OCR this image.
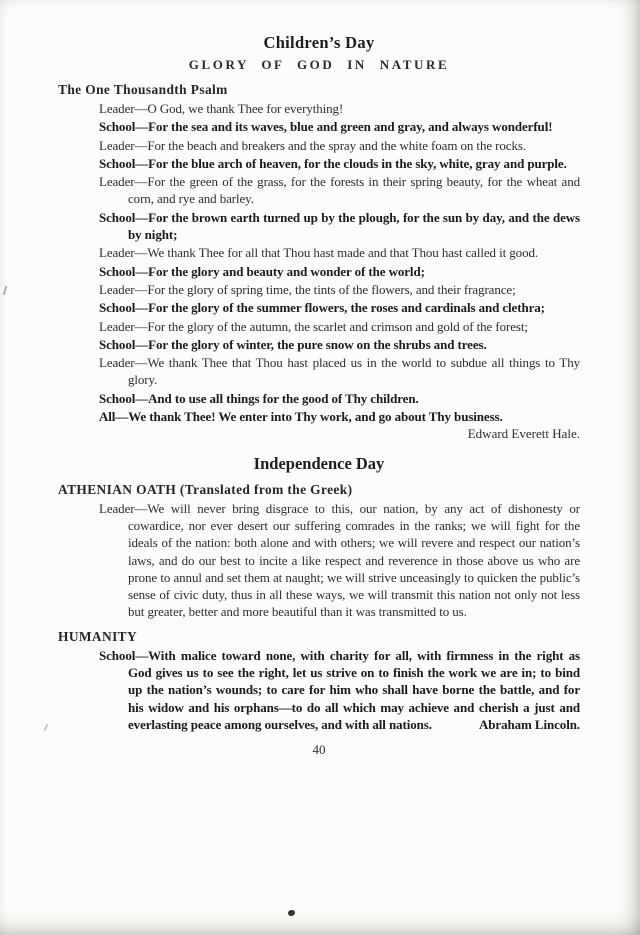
Children’s Day
GLORY OF GOD IN NATURE
The One Thousandth Psalm

Leader—O God, we thank Thee for everything!

School—For the sea and its waves, blue and green and gray, and always wonderful!

Leader—For the beach and breakers and the spray and the white foam on the rocks.

School—For the blue arch of heaven, for the clouds in the sky, white, gray and purple.

Leader—For the green of the grass, for the forests in their spring beauty, for the wheat and corn, and rye and barley.

School—For the brown earth turned up by the plough, for the sun by day, and the dews by night;

Leader—We thank Thee for all that Thou hast made and that Thou hast called it good.

School—For the glory and beauty and wonder of the world;

Leader—For the glory of spring time, the tints of the flowers, and their fragrance;

School—For the glory of the summer flowers, the roses and cardinals and clethra;

Leader—For the glory of the autumn, the scarlet and crimson and gold of the forest;

School—For the glory of winter, the pure snow on the shrubs and trees.

Leader—We thank Thee that Thou hast placed us in the world to subdue all things to Thy glory.

School—And to use all things for the good of Thy children.

All—We thank Thee! We enter into Thy work, and go about Thy business.

Edward Everett Hale.

Independence Day
ATHENIAN OATH (Translated from the Greek)

Leader—We will never bring disgrace to this, our nation, by any act of dishonesty or cowardice, nor ever desert our suffering comrades in the ranks; we will fight for the ideals of the nation: both alone and with others; we will revere and respect our nation’s laws, and do our best to incite a like respect and reverence in those above us who are prone to annul and set them at naught; we will strive unceasingly to quicken the public’s sense of civic duty, thus in all these ways, we will transmit this nation not only not less but greater, better and more beautiful than it was transmitted to us.

HUMANITY

School—With malice toward none, with charity for all, with firmness in the right as God gives us to see the right, let us strive on to finish the work we are in; to bind up the nation’s wounds; to care for him who shall have borne the battle, and for his widow and his orphans—to do all which may achieve and cherish a just and everlasting peace among ourselves, and with all nations.	Abraham Lincoln.

40
